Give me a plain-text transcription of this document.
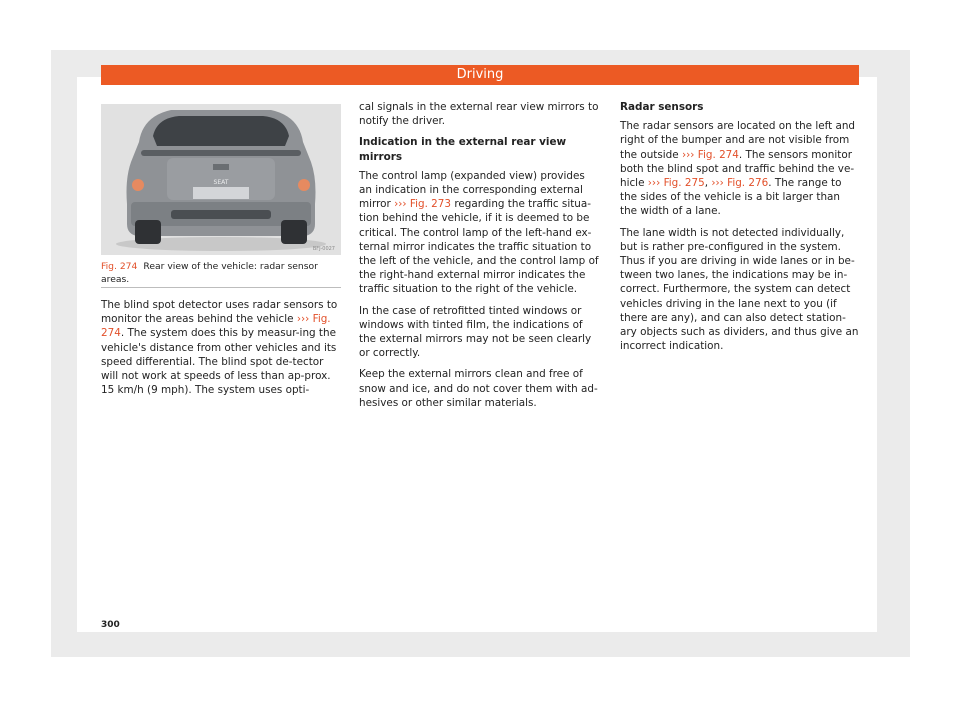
Driving
SEAT
BFJ-0027
Fig. 274 Rear view of the vehicle: radar sensor areas.

The blind spot detector uses radar sensors to monitor the areas behind the vehicle ››› Fig. 274. The system does this by measur-ing the vehicle's distance from other vehicles and its speed differential. The blind spot de-tector will not work at speeds of less than ap-prox. 15 km/h (9 mph). The system uses opti-

cal signals in the external rear view mirrors to notify the driver.

Indication in the external rear view mirrors

The control lamp (expanded view) provides an indication in the corresponding external mirror ››› Fig. 273 regarding the traffic situa-tion behind the vehicle, if it is deemed to be critical. The control lamp of the left-hand ex-ternal mirror indicates the traffic situation to the left of the vehicle, and the control lamp of the right-hand external mirror indicates the traffic situation to the right of the vehicle.

In the case of retrofitted tinted windows or windows with tinted film, the indications of the external mirrors may not be seen clearly or correctly.

Keep the external mirrors clean and free of snow and ice, and do not cover them with ad-hesives or other similar materials.

Radar sensors

The radar sensors are located on the left and right of the bumper and are not visible from the outside ››› Fig. 274. The sensors monitor both the blind spot and traffic behind the ve-hicle ››› Fig. 275, ››› Fig. 276. The range to the sides of the vehicle is a bit larger than the width of a lane.

The lane width is not detected individually, but is rather pre-configured in the system. Thus if you are driving in wide lanes or in be-tween two lanes, the indications may be in-correct. Furthermore, the system can detect vehicles driving in the lane next to you (if there are any), and can also detect station-ary objects such as dividers, and thus give an incorrect indication.

300
